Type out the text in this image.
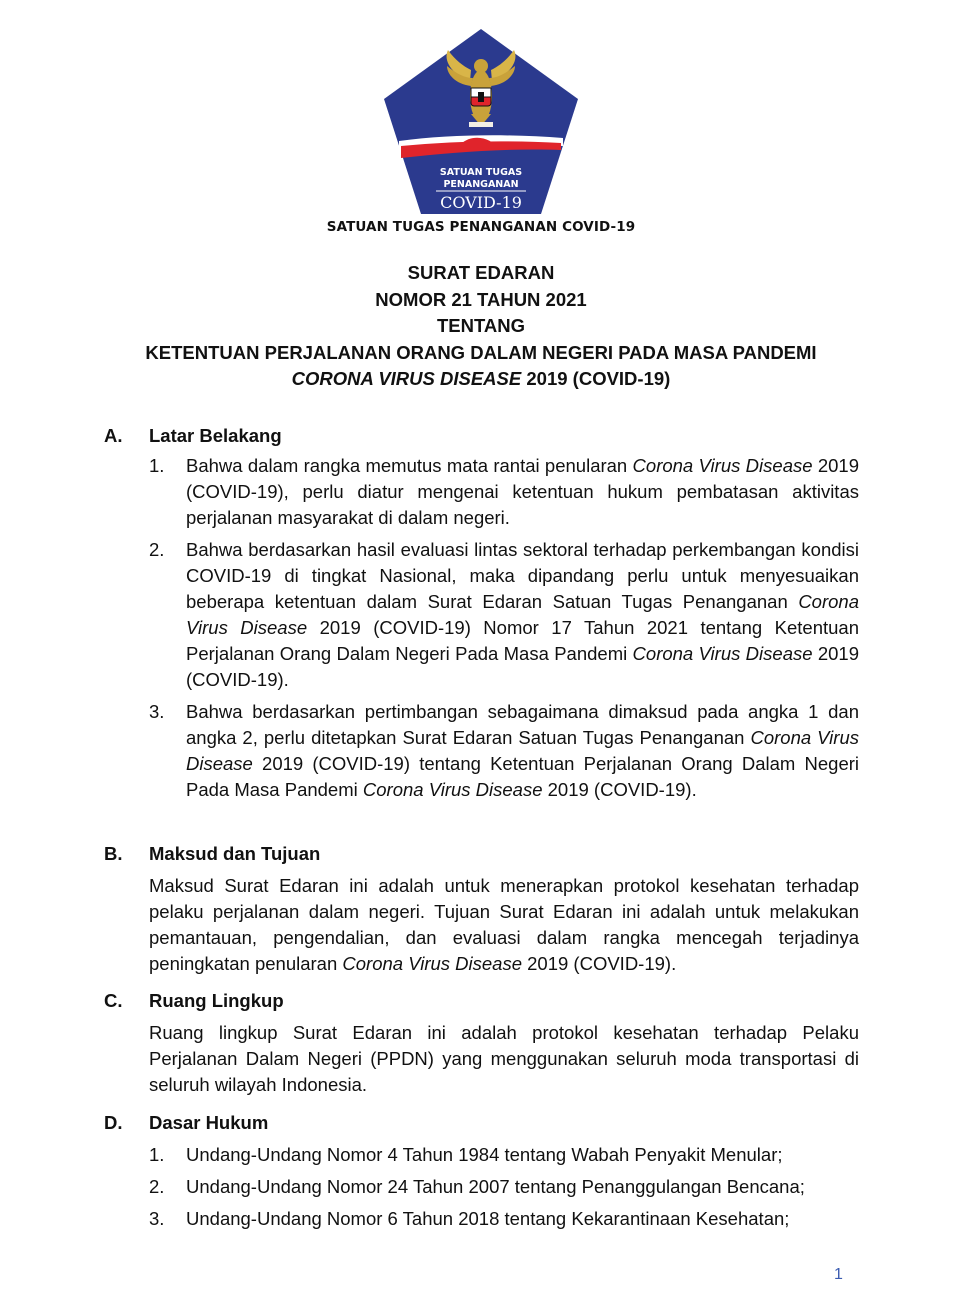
SATUAN TUGAS
PENANGANAN
COVID-19
SATUAN TUGAS PENANGANAN COVID-19
SURAT EDARAN
NOMOR 21 TAHUN 2021
TENTANG
KETENTUAN PERJALANAN ORANG DALAM NEGERI PADA MASA PANDEMI
CORONA VIRUS DISEASE 2019 (COVID-19)
A. Latar Belakang
1. Bahwa dalam rangka memutus mata rantai penularan Corona Virus Disease 2019 (COVID-19), perlu diatur mengenai ketentuan hukum pembatasan aktivitas perjalanan masyarakat di dalam negeri.
2. Bahwa berdasarkan hasil evaluasi lintas sektoral terhadap perkembangan kondisi COVID-19 di tingkat Nasional, maka dipandang perlu untuk menyesuaikan beberapa ketentuan dalam Surat Edaran Satuan Tugas Penanganan Corona Virus Disease 2019 (COVID-19) Nomor 17 Tahun 2021 tentang Ketentuan Perjalanan Orang Dalam Negeri Pada Masa Pandemi Corona Virus Disease 2019 (COVID-19).
3. Bahwa berdasarkan pertimbangan sebagaimana dimaksud pada angka 1 dan angka 2, perlu ditetapkan Surat Edaran Satuan Tugas Penanganan Corona Virus Disease 2019 (COVID-19) tentang Ketentuan Perjalanan Orang Dalam Negeri Pada Masa Pandemi Corona Virus Disease 2019 (COVID-19).
B. Maksud dan Tujuan
Maksud Surat Edaran ini adalah untuk menerapkan protokol kesehatan terhadap pelaku perjalanan dalam negeri. Tujuan Surat Edaran ini adalah untuk melakukan pemantauan, pengendalian, dan evaluasi dalam rangka mencegah terjadinya peningkatan penularan Corona Virus Disease 2019 (COVID-19).
C. Ruang Lingkup
Ruang lingkup Surat Edaran ini adalah protokol kesehatan terhadap Pelaku Perjalanan Dalam Negeri (PPDN) yang menggunakan seluruh moda transportasi di seluruh wilayah Indonesia.
D. Dasar Hukum
1. Undang-Undang Nomor 4 Tahun 1984 tentang Wabah Penyakit Menular;
2. Undang-Undang Nomor 24 Tahun 2007 tentang Penanggulangan Bencana;
3. Undang-Undang Nomor 6 Tahun 2018 tentang Kekarantinaan Kesehatan;
1
